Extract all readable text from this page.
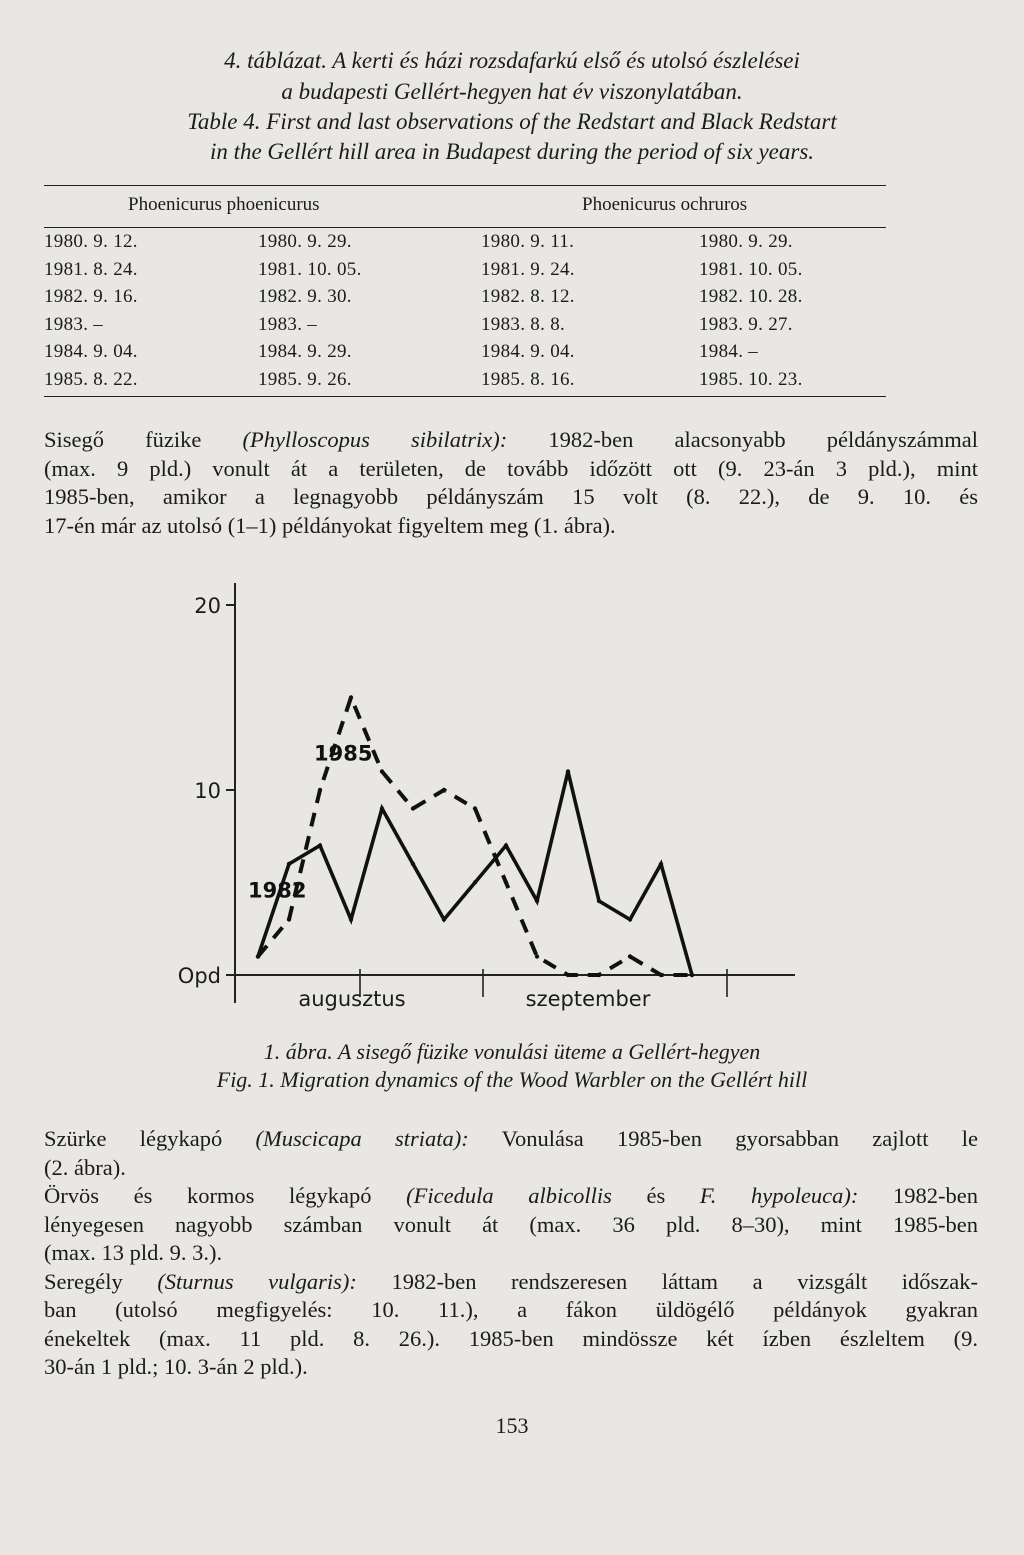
4. táblázat. A kerti és házi rozsdafarkú első és utolsó észlelései
a budapesti Gellért-hegyen hat év viszonylatában.
Table 4. First and last observations of the Redstart and Black Redstart
in the Gellért hill area in Budapest during the period of six years.
Phoenicurus phoenicurus	Phoenicurus ochruros
1980. 9. 12.	1980. 9. 29.	1980. 9. 11.	1980. 9. 29.
1981. 8. 24.	1981. 10. 05.	1981. 9. 24.	1981. 10. 05.
1982. 9. 16.	1982. 9. 30.	1982. 8. 12.	1982. 10. 28.
1983. –	1983. –	1983. 8. 8.	1983. 9. 27.
1984. 9. 04.	1984. 9. 29.	1984. 9. 04.	1984. –
1985. 8. 22.	1985. 9. 26.	1985. 8. 16.	1985. 10. 23.
Sisegő füzike (Phylloscopus sibilatrix): 1982-ben alacsonyabb példányszámmal
(max. 9 pld.) vonult át a területen, de tovább időzött ott (9. 23-án 3 pld.), mint
1985-ben, amikor a legnagyobb példányszám 15 volt (8. 22.), de 9. 10. és
17-én már az utolsó (1–1) példányokat figyeltem meg (1. ábra).
20
10
Opd
augusztus	szeptember
1985
1982
1. ábra. A sisegő füzike vonulási üteme a Gellért-hegyen
Fig. 1. Migration dynamics of the Wood Warbler on the Gellért hill
Szürke légykapó (Muscicapa striata): Vonulása 1985-ben gyorsabban zajlott le
(2. ábra).
Örvös és kormos légykapó (Ficedula albicollis és F. hypoleuca): 1982-ben
lényegesen nagyobb számban vonult át (max. 36 pld. 8–30), mint 1985-ben
(max. 13 pld. 9. 3.).
Seregély (Sturnus vulgaris): 1982-ben rendszeresen láttam a vizsgált időszak-
ban (utolsó megfigyelés: 10. 11.), a fákon üldögélő példányok gyakran
énekeltek (max. 11 pld. 8. 26.). 1985-ben mindössze két ízben észleltem (9.
30-án 1 pld.; 10. 3-án 2 pld.).
153
